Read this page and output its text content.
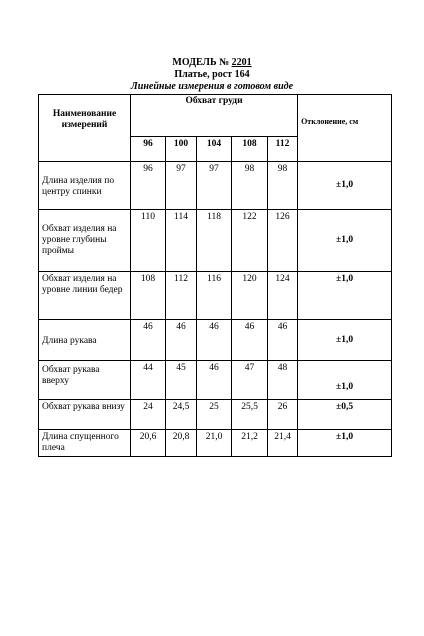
МОДЕЛЬ № 2201
Платье, рост 164
Линейные измерения в готовом виде
Наименование измерений	Обхват груди					Отклонение, см
	96	100	104	108	112	
Длина изделия по центру спинки	96	97	97	98	98	±1,0
Обхват изделия на уровне глубины проймы	110	114	118	122	126	±1,0
Обхват изделия на уровне линии бедер	108	112	116	120	124	±1,0
Длина рукава	46	46	46	46	46	±1,0
Обхват рукава вверху	44	45	46	47	48	±1,0
Обхват рукава внизу	24	24,5	25	25,5	26	±0,5
Длина спущенного плеча	20,6	20,8	21,0	21,2	21,4	±1,0
